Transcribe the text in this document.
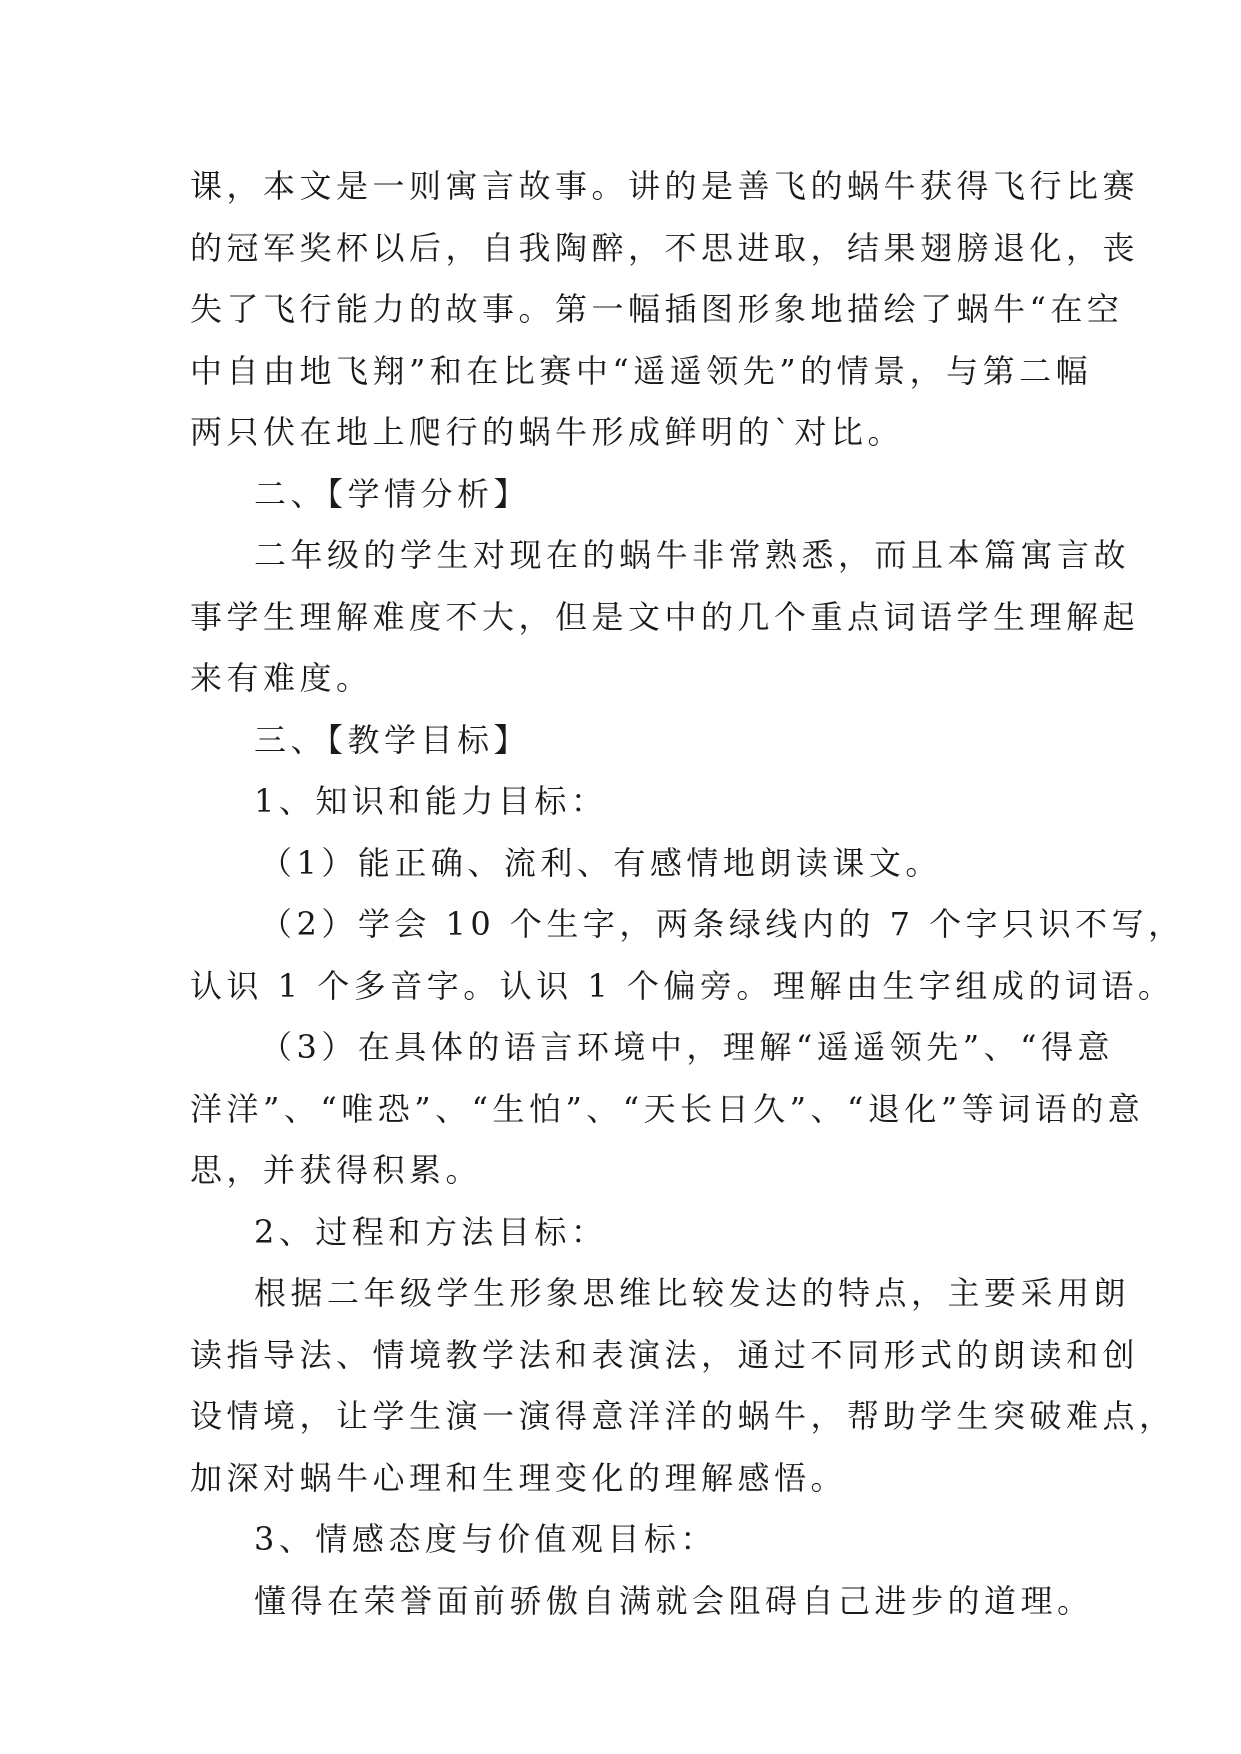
课，本文是一则寓言故事。讲的是善飞的蜗牛获得飞行比赛
的冠军奖杯以后，自我陶醉，不思进取，结果翅膀退化，丧
失了飞行能力的故事。第一幅插图形象地描绘了蜗牛“在空
中自由地飞翔”和在比赛中“遥遥领先”的情景，与第二幅
两只伏在地上爬行的蜗牛形成鲜明的`对比。
二、【学情分析】
二年级的学生对现在的蜗牛非常熟悉，而且本篇寓言故
事学生理解难度不大，但是文中的几个重点词语学生理解起
来有难度。
三、【教学目标】
1、知识和能力目标：
（1）能正确、流利、有感情地朗读课文。
（2）学会 10 个生字，两条绿线内的 7 个字只识不写，
认识 1 个多音字。认识 1 个偏旁。理解由生字组成的词语。
（3）在具体的语言环境中，理解“遥遥领先”、“得意
洋洋”、“唯恐”、“生怕”、“天长日久”、“退化”等词语的意
思，并获得积累。
2、过程和方法目标：
根据二年级学生形象思维比较发达的特点，主要采用朗
读指导法、情境教学法和表演法，通过不同形式的朗读和创
设情境，让学生演一演得意洋洋的蜗牛，帮助学生突破难点，
加深对蜗牛心理和生理变化的理解感悟。
3、情感态度与价值观目标：
懂得在荣誉面前骄傲自满就会阻碍自己进步的道理。
